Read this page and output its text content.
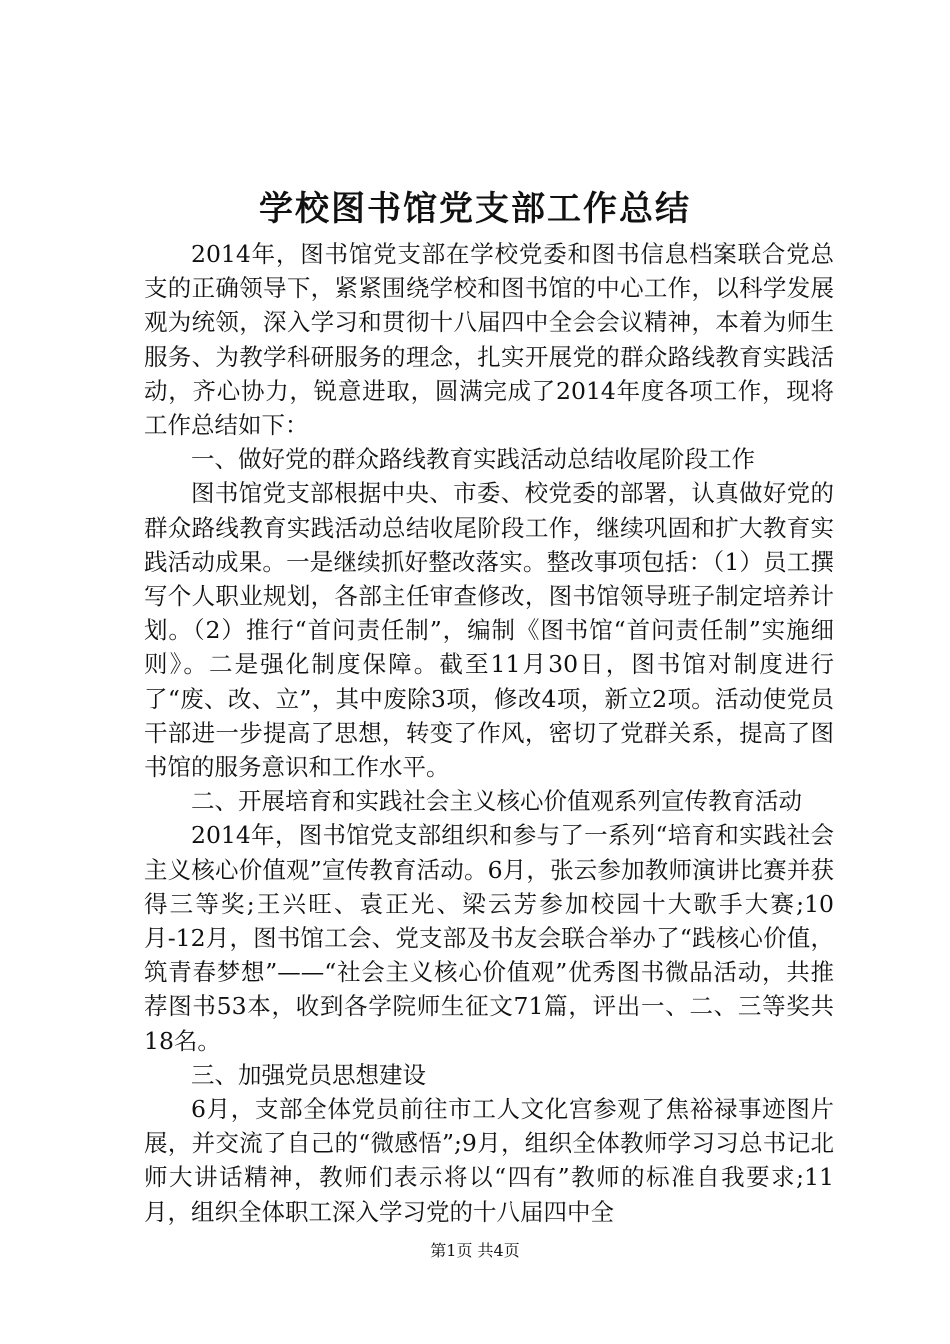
学校图书馆党支部工作总结

2014年，图书馆党支部在学校党委和图书信息档案联合党总支的正确领导下，紧紧围绕学校和图书馆的中心工作，以科学发展观为统领，深入学习和贯彻十八届四中全会会议精神，本着为师生服务、为教学科研服务的理念，扎实开展党的群众路线教育实践活动，齐心协力，锐意进取，圆满完成了2014年度各项工作，现将工作总结如下：

一、做好党的群众路线教育实践活动总结收尾阶段工作

图书馆党支部根据中央、市委、校党委的部署，认真做好党的群众路线教育实践活动总结收尾阶段工作，继续巩固和扩大教育实践活动成果。一是继续抓好整改落实。整改事项包括：（1）员工撰写个人职业规划，各部主任审查修改，图书馆领导班子制定培养计划。（2）推行“首问责任制”，编制《图书馆“首问责任制”实施细则》。二是强化制度保障。截至11月30日，图书馆对制度进行了“废、改、立”，其中废除3项，修改4项，新立2项。活动使党员干部进一步提高了思想，转变了作风，密切了党群关系，提高了图书馆的服务意识和工作水平。

二、开展培育和实践社会主义核心价值观系列宣传教育活动

2014年，图书馆党支部组织和参与了一系列“培育和实践社会主义核心价值观”宣传教育活动。6月，张云参加教师演讲比赛并获得三等奖;王兴旺、袁正光、梁云芳参加校园十大歌手大赛;10月-12月，图书馆工会、党支部及书友会联合举办了“践核心价值，筑青春梦想”——“社会主义核心价值观”优秀图书微品活动，共推荐图书53本，收到各学院师生征文71篇，评出一、二、三等奖共18名。

三、加强党员思想建设

6月，支部全体党员前往市工人文化宫参观了焦裕禄事迹图片展，并交流了自己的“微感悟”;9月，组织全体教师学习习总书记北师大讲话精神，教师们表示将以“四有”教师的标准自我要求;11月，组织全体职工深入学习党的十八届四中全

第1页 共4页
